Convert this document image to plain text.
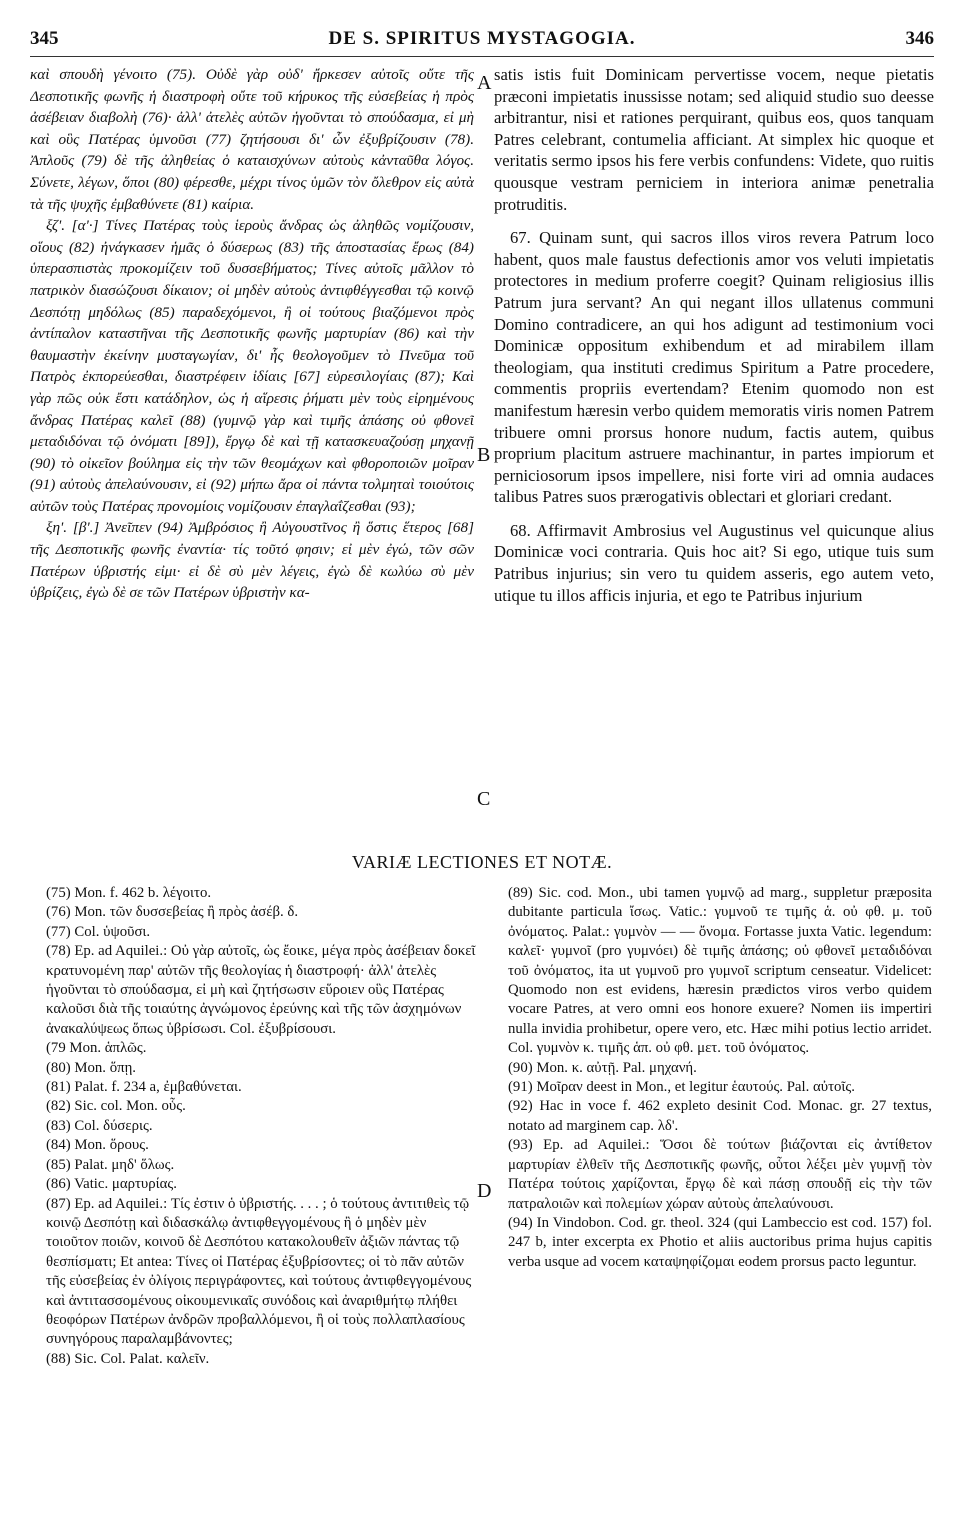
345	DE S. SPIRITUS MYSTAGOGIA.	346

καὶ σπουδὴ γένοιτο (75). Οὐδὲ γὰρ οὐδ' ἤρκεσεν αὐτοῖς οὔτε τῆς Δεσποτικῆς φωνῆς ἡ διαστροφὴ οὔτε τοῦ κήρυκος τῆς εὐσεβείας ἡ πρὸς ἀσέβειαν διαβολὴ (76)· ἀλλ' ἀτελὲς αὐτῶν ἡγοῦνται τὸ σπούδασμα, εἰ μὴ καὶ οὓς Πατέρας ὑμνοῦσι (77) ζητήσουσι δι' ὧν ἐξυβρίζουσιν (78). Ἀπλοῦς (79) δὲ τῆς ἀληθείας ὁ καταισχύνων αὐτοὺς κἀνταῦθα λόγος. Σύνετε, λέγων, ὅποι (80) φέρεσθε, μέχρι τίνος ὑμῶν τὸν ὄλεθρον εἰς αὐτὰ τὰ τῆς ψυχῆς ἐμβαθύνετε (81) καίρια.

ξζ'. [α'·] Τίνες Πατέρας τοὺς ἱεροὺς ἄνδρας ὡς ἀληθῶς νομίζουσιν, οἵους (82) ἠνάγκασεν ἡμᾶς ὁ δύσερως (83) τῆς ἀποστασίας ἔρως (84) ὑπερασπιστὰς προκομίζειν τοῦ δυσσεβήματος; Τίνες αὐτοῖς μᾶλλον τὸ πατρικὸν διασώζουσι δίκαιον; οἱ μηδὲν αὐτοὺς ἀντιφθέγγεσθαι τῷ κοινῷ Δεσπότῃ μηδόλως (85) παραδεχόμενοι, ἢ οἱ τούτους βιαζόμενοι πρὸς ἀντίπαλον καταστῆναι τῆς Δεσποτικῆς φωνῆς μαρτυρίαν (86) καὶ τὴν θαυμαστὴν ἐκείνην μυσταγωγίαν, δι' ἧς θεολογοῦμεν τὸ Πνεῦμα τοῦ Πατρὸς ἐκπορεύεσθαι, διαστρέφειν ἰδίαις [67] εὑρεσιλογίαις (87); Καὶ γὰρ πῶς οὐκ ἔστι κατάδηλον, ὡς ἡ αἵρεσις ῥήματι μὲν τοὺς εἰρημένους ἄνδρας Πατέρας καλεῖ (88) (γυμνῷ γὰρ καὶ τιμῆς ἁπάσης οὐ φθονεῖ μεταδιδόναι τῷ ὀνόματι [89]), ἔργῳ δὲ καὶ τῇ κατασκευαζούσῃ μηχανῇ (90) τὸ οἰκεῖον βούλημα εἰς τὴν τῶν θεομάχων καὶ φθοροποιῶν μοῖραν (91) αὐτοὺς ἀπελαύνουσιν, εἰ (92) μήπω ἄρα οἱ πάντα τολμηταὶ τοιούτοις αὐτῶν τοὺς Πατέρας προνομίοις νομίζουσιν ἐπαγλαΐζεσθαι (93);

ξη'. [β'.] Ἀνεῖπεν (94) Ἀμβρόσιος ἢ Αὐγουστῖνος ἢ ὅστις ἕτερος [68] τῆς Δεσποτικῆς φωνῆς ἐναντία· τίς τοῦτό φησιν; εἰ μὲν ἐγώ, τῶν σῶν Πατέρων ὑβριστής εἰμι· εἰ δὲ σὺ μὲν λέγεις, ἐγὼ δὲ κωλύω σὺ μὲν ὑβρίζεις, ἐγὼ δὲ σε τῶν Πατέρων ὑβριστὴν κα-

A
B
C
D

satis istis fuit Dominicam pervertisse vocem, neque pietatis præconi impietatis inussisse notam; sed aliquid studio suo deesse arbitrantur, nisi et rationes perquirant, quibus eos, quos tanquam Patres celebrant, contumelia afficiant. At simplex hic quoque et veritatis sermo ipsos his fere verbis confundens: Videte, quo ruitis quousque vestram perniciem in interiora animæ penetralia protruditis.

67. Quinam sunt, qui sacros illos viros revera Patrum loco habent, quos male faustus defectionis amor vos veluti impietatis protectores in medium proferre coegit? Quinam religiosius illis Patrum jura servant? An qui negant illos ullatenus communi Domino contradicere, an qui hos adigunt ad testimonium voci Dominicæ oppositum exhibendum et ad mirabilem illam theologiam, qua instituti credimus Spiritum a Patre procedere, commentis propriis evertendam? Etenim quomodo non est manifestum hæresin verbo quidem memoratis viris nomen Patrem tribuere omni prorsus honore nudum, factis autem, quibus proprium placitum astruere machinantur, in partes impiorum et perniciosorum ipsos impellere, nisi forte viri ad omnia audaces talibus Patres suos prærogativis oblectari et gloriari credant.

68. Affirmavit Ambrosius vel Augustinus vel quicunque alius Dominicæ voci contraria. Quis hoc ait? Si ego, utique tuis sum Patribus injurius; sin vero tu quidem asseris, ego autem veto, utique tu illos afficis injuria, et ego te Patribus injurium

VARIÆ LECTIONES ET NOTÆ.

(75) Mon. f. 462 b. λέγοιτο.

(76) Mon. τῶν δυσσεβείας ἢ πρὸς ἀσέβ. δ.

(77) Col. ὑψοῦσι.

(78) Ep. ad Aquilei.: Οὐ γὰρ αὐτοῖς, ὡς ἔοικε, μέγα πρὸς ἀσέβειαν δοκεῖ κρατυνομένη παρ' αὐτῶν τῆς θεολογίας ἡ διαστροφή· ἀλλ' ἀτελὲς ἡγοῦνται τὸ σπούδασμα, εἰ μὴ καὶ ζητήσωσιν εὕροιεν οὓς Πατέρας καλοῦσι διὰ τῆς τοιαύτης ἀγνώμονος ἐρεύνης καὶ τῆς τῶν ἀσχημόνων ἀνακαλύψεως ὅπως ὑβρίσωσι. Col. ἐξυβρίσουσι.

(79 Mon. ἁπλῶς.

(80) Mon. ὅπῃ.

(81) Palat. f. 234 a, ἐμβαθύνεται.

(82) Sic. col. Mon. οὗς.

(83) Col. δύσερις.

(84) Mon. ὅρους.

(85) Palat. μηδ' ὅλως.

(86) Vatic. μαρτυρίας.

(87) Ep. ad Aquilei.: Τίς ἐστιν ὁ ὑβριστής. . . . ; ὁ τούτους ἀντιτιθεὶς τῷ κοινῷ Δεσπότῃ καὶ διδασκάλῳ ἀντιφθεγγομένους ἢ ὁ μηδὲν μὲν τοιοῦτον ποιῶν, κοινοῦ δὲ Δεσπότου κατακολουθεῖν ἀξιῶν πάντας τῷ θεσπίσματι; Et antea: Τίνες οἱ Πατέρας ἐξυβρίσοντες; οἱ τὸ πᾶν αὐτῶν τῆς εὐσεβείας ἐν ὀλίγοις περιγράφοντες, καὶ τούτους ἀντιφθεγγομένους καὶ ἀντιτασσομένους οἰκουμενικαῖς συνόδοις καὶ ἀναριθμήτῳ πλήθει θεοφόρων Πατέρων ἀνδρῶν προβαλλόμενοι, ἢ οἱ τοὺς πολλαπλασίους συνηγόρους παραλαμβάνοντες;

(88) Sic. Col. Palat. καλεῖν.

(89) Sic. cod. Mon., ubi tamen γυμνῷ ad marg., suppletur præposita dubitante particula ἴσως. Vatic.: γυμνοῦ τε τιμῆς ἁ. οὐ φθ. μ. τοῦ ὀνόματος. Palat.: γυμνὸν — — ὄνομα. Fortasse juxta Vatic. legendum: καλεῖ· γυμνοῖ (pro γυμνόει) δὲ τιμῆς ἁπάσης; οὐ φθονεῖ μεταδιδόναι τοῦ ὀνόματος, ita ut γυμνοῦ pro γυμνοῖ scriptum censeatur. Videlicet: Quomodo non est evidens, hæresin prædictos viros verbo quidem vocare Patres, at vero omni eos honore exuere? Nomen iis impertiri nulla invidia prohibetur, opere vero, etc. Hæc mihi potius lectio arridet. Col. γυμνὸν κ. τιμῆς ἁπ. οὐ φθ. μετ. τοῦ ὀνόματος.

(90) Mon. κ. αὐτῇ. Pal. μηχανή.

(91) Μοῖραν deest in Mon., et legitur ἑαυτούς. Pal. αὐτοῖς.

(92) Hac in voce f. 462 expleto desinit Cod. Monac. gr. 27 textus, notato ad marginem cap. λδ'.

(93) Ep. ad Aquilei.: Ὅσοι δὲ τούτων βιάζονται εἰς ἀντίθετον μαρτυρίαν ἐλθεῖν τῆς Δεσποτικῆς φωνῆς, οὗτοι λέξει μὲν γυμνῇ τὸν Πατέρα τούτοις χαρίζονται, ἔργῳ δὲ καὶ πάσῃ σπουδῇ εἰς τὴν τῶν πατραλοιῶν καὶ πολεμίων χώραν αὐτοὺς ἀπελαύνουσι.

(94) In Vindobon. Cod. gr. theol. 324 (qui Lambeccio est cod. 157) fol. 247 b, inter excerpta ex Photio et aliis auctoribus prima hujus capitis verba usque ad vocem καταψηφίζομαι eodem prorsus pacto leguntur.
